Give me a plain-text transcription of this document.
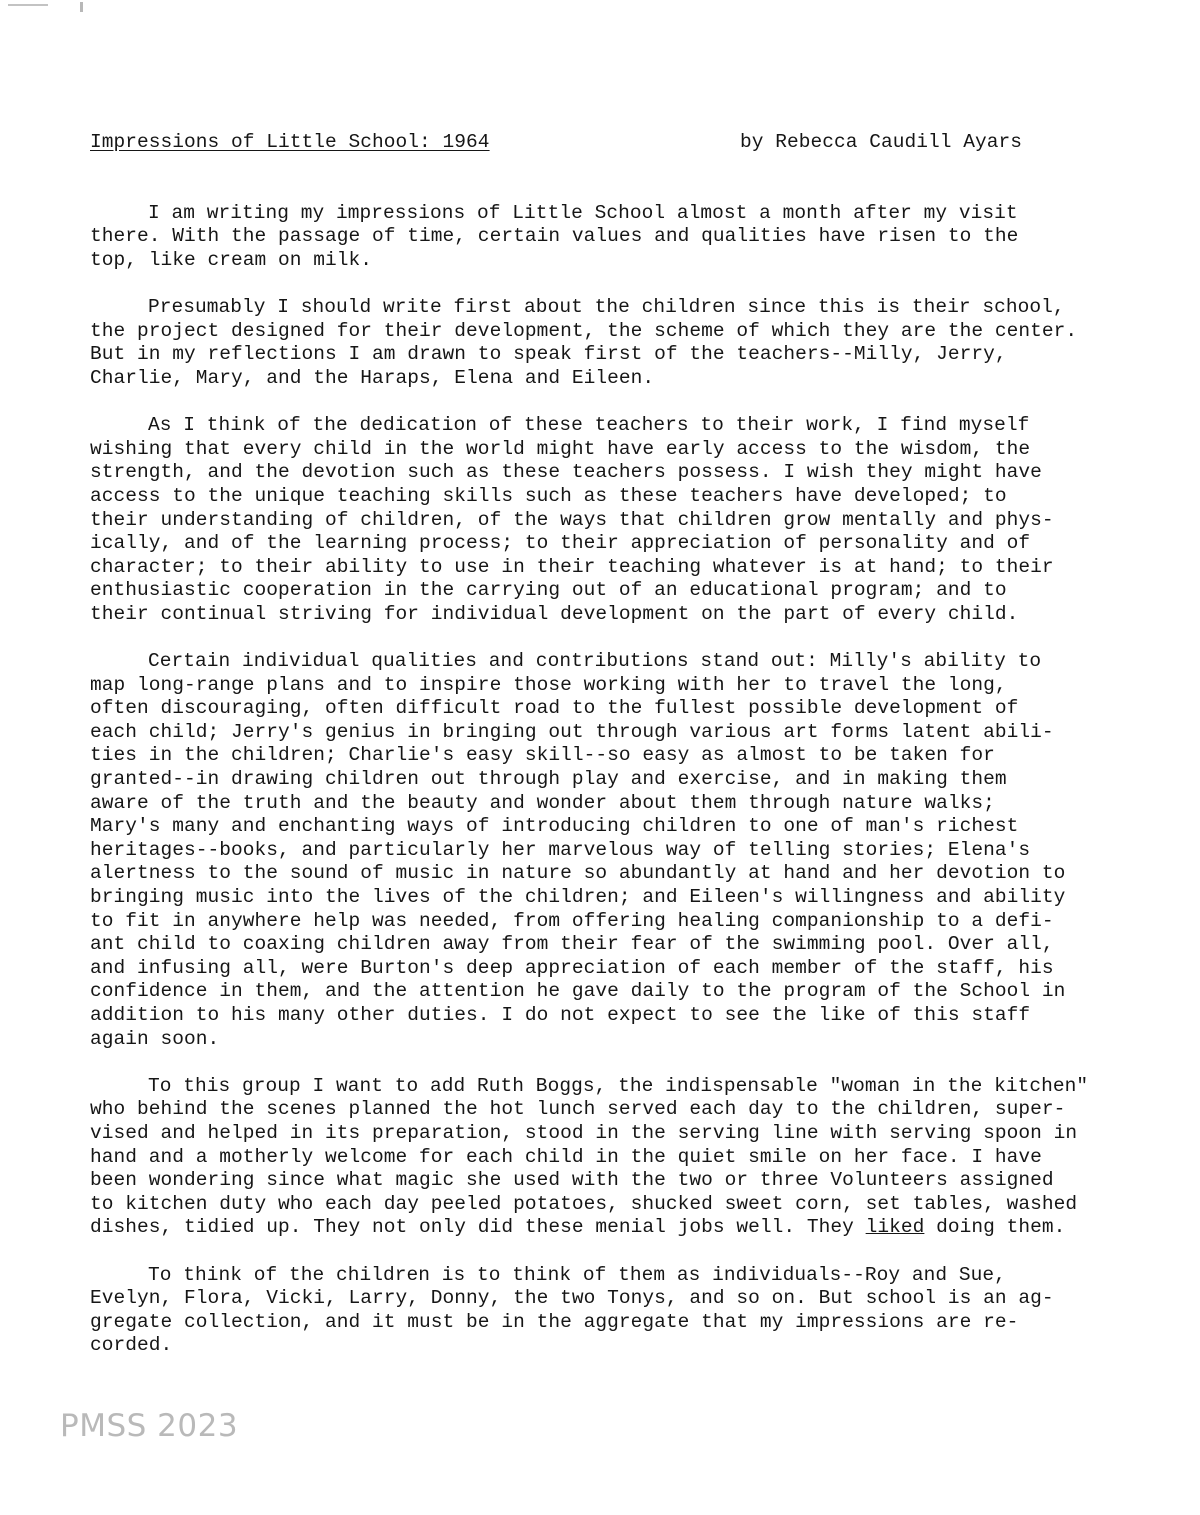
Impressions of Little School: 1964	by Rebecca Caudill Ayars
I am writing my impressions of Little School almost a month after my visit
there. With the passage of time, certain values and qualities have risen to the
top, like cream on milk.
Presumably I should write first about the children since this is their school,
the project designed for their development, the scheme of which they are the center.
But in my reflections I am drawn to speak first of the teachers--Milly, Jerry,
Charlie, Mary, and the Haraps, Elena and Eileen.
As I think of the dedication of these teachers to their work, I find myself
wishing that every child in the world might have early access to the wisdom, the
strength, and the devotion such as these teachers possess. I wish they might have
access to the unique teaching skills such as these teachers have developed; to
their understanding of children, of the ways that children grow mentally and phys-
ically, and of the learning process; to their appreciation of personality and of
character; to their ability to use in their teaching whatever is at hand; to their
enthusiastic cooperation in the carrying out of an educational program; and to
their continual striving for individual development on the part of every child.
Certain individual qualities and contributions stand out: Milly's ability to
map long-range plans and to inspire those working with her to travel the long,
often discouraging, often difficult road to the fullest possible development of
each child; Jerry's genius in bringing out through various art forms latent abili-
ties in the children; Charlie's easy skill--so easy as almost to be taken for
granted--in drawing children out through play and exercise, and in making them
aware of the truth and the beauty and wonder about them through nature walks;
Mary's many and enchanting ways of introducing children to one of man's richest
heritages--books, and particularly her marvelous way of telling stories; Elena's
alertness to the sound of music in nature so abundantly at hand and her devotion to
bringing music into the lives of the children; and Eileen's willingness and ability
to fit in anywhere help was needed, from offering healing companionship to a defi-
ant child to coaxing children away from their fear of the swimming pool. Over all,
and infusing all, were Burton's deep appreciation of each member of the staff, his
confidence in them, and the attention he gave daily to the program of the School in
addition to his many other duties. I do not expect to see the like of this staff
again soon.
To this group I want to add Ruth Boggs, the indispensable "woman in the kitchen"
who behind the scenes planned the hot lunch served each day to the children, super-
vised and helped in its preparation, stood in the serving line with serving spoon in
hand and a motherly welcome for each child in the quiet smile on her face. I have
been wondering since what magic she used with the two or three Volunteers assigned
to kitchen duty who each day peeled potatoes, shucked sweet corn, set tables, washed
dishes, tidied up. They not only did these menial jobs well. They liked doing them.
To think of the children is to think of them as individuals--Roy and Sue,
Evelyn, Flora, Vicki, Larry, Donny, the two Tonys, and so on. But school is an ag-
gregate collection, and it must be in the aggregate that my impressions are re-
corded.
PMSS 2023
